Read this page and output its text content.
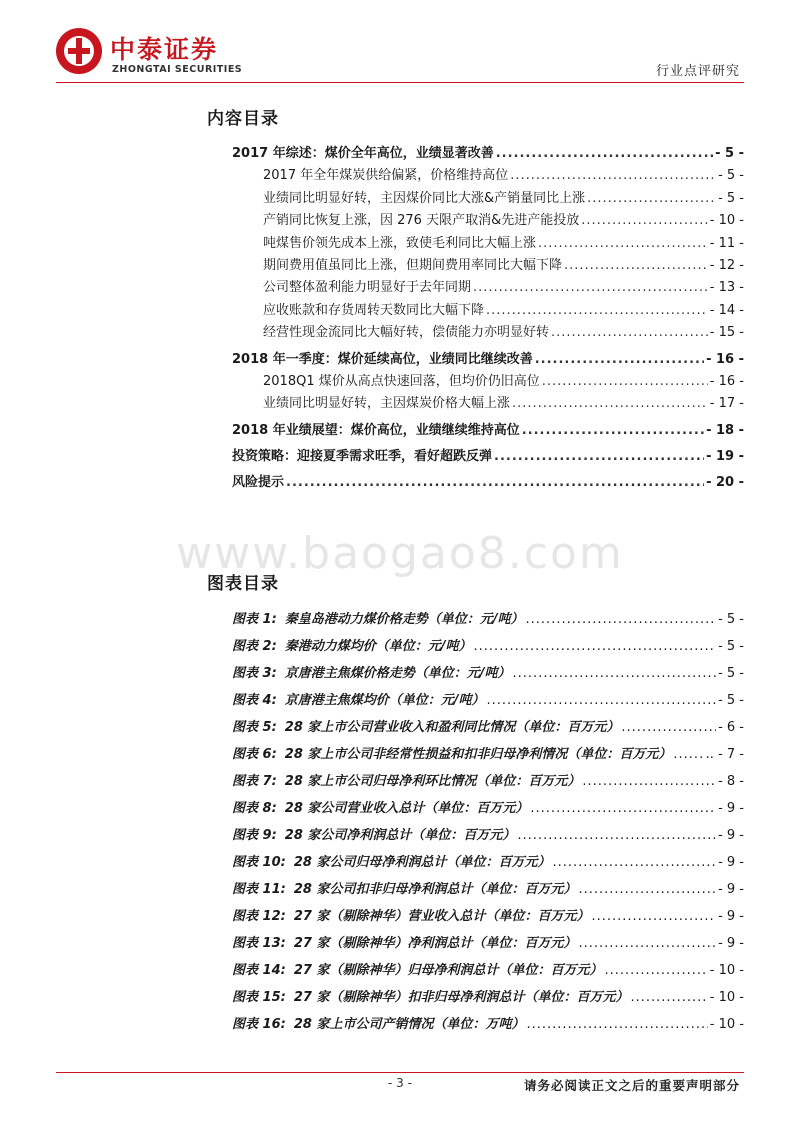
中泰证券
ZHONGTAI SECURITIES	行业点评研究
内容目录
2017 年综述：煤价全年高位，业绩显著改善 .....	- 5 -
2017 年全年煤炭供给偏紧，价格维持高位 .....	- 5 -
业绩同比明显好转，主因煤价同比大涨&产销量同比上涨 .....	- 5 -
产销同比恢复上涨，因 276 天限产取消&先进产能投放 .....	- 10 -
吨煤售价领先成本上涨，致使毛利同比大幅上涨 .....	- 11 -
期间费用值虽同比上涨，但期间费用率同比大幅下降 .....	- 12 -
公司整体盈利能力明显好于去年同期 .....	- 13 -
应收账款和存货周转天数同比大幅下降 .....	- 14 -
经营性现金流同比大幅好转，偿债能力亦明显好转 .....	- 15 -
2018 年一季度：煤价延续高位，业绩同比继续改善 .....	- 16 -
2018Q1 煤价从高点快速回落，但均价仍旧高位 .....	- 16 -
业绩同比明显好转，主因煤炭价格大幅上涨 .....	- 17 -
2018 年业绩展望：煤价高位，业绩继续维持高位 .....	- 18 -
投资策略：迎接夏季需求旺季，看好超跌反弹 .....	- 19 -
风险提示 .....	- 20 -
www.baogao8.com
图表目录
图表 1: 秦皇岛港动力煤价格走势（单位：元/吨） .....	- 5 -
图表 2: 秦港动力煤均价（单位：元/吨） .....	- 5 -
图表 3: 京唐港主焦煤价格走势（单位：元/吨） .....	- 5 -
图表 4: 京唐港主焦煤均价（单位：元/吨） .....	- 5 -
图表 5: 28 家上市公司营业收入和盈利同比情况（单位：百万元） .....	- 6 -
图表 6: 28 家上市公司非经常性损益和扣非归母净利情况（单位：百万元） .....	.. - 7 -
图表 7: 28 家上市公司归母净利环比情况（单位：百万元） .....	- 8 -
图表 8: 28 家公司营业收入总计（单位：百万元） .....	- 9 -
图表 9: 28 家公司净利润总计（单位：百万元） .....	- 9 -
图表 10: 28 家公司归母净利润总计（单位：百万元） .....	- 9 -
图表 11: 28 家公司扣非归母净利润总计（单位：百万元） .....	- 9 -
图表 12: 27 家（剔除神华）营业收入总计（单位：百万元） .....	- 9 -
图表 13: 27 家（剔除神华）净利润总计（单位：百万元） .....	- 9 -
图表 14: 27 家（剔除神华）归母净利润总计（单位：百万元） .....	- 10 -
图表 15: 27 家（剔除神华）扣非归母净利润总计（单位：百万元） .....	- 10 -
图表 16: 28 家上市公司产销情况（单位：万吨） .....	- 10 -
- 3 -	请务必阅读正文之后的重要声明部分
